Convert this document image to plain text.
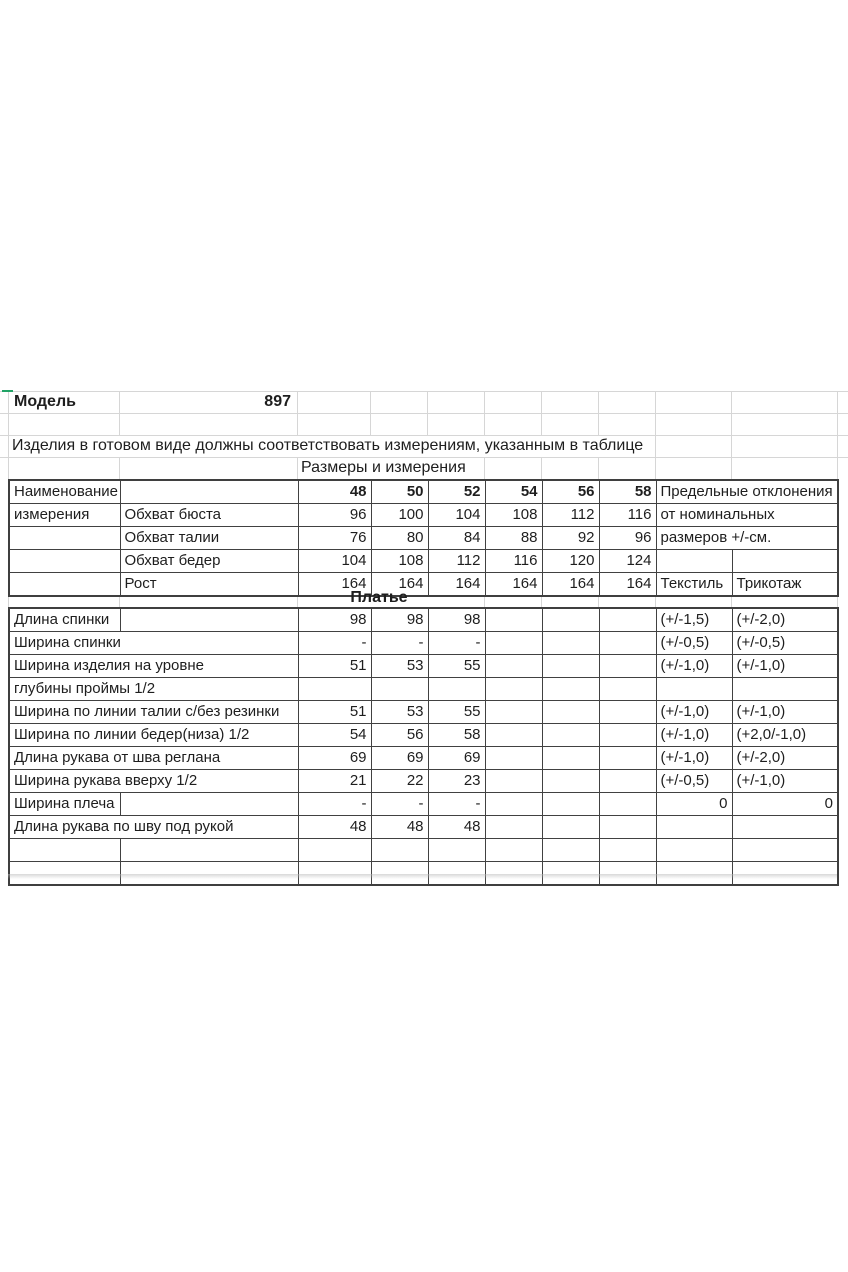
Модель	897
Изделия в готовом виде должны соответствовать измерениям, указанным в таблице
Размеры и измерения
Наименование		48	50	52	54	56	58	Предельные отклонения	
измерения	Обхват бюста	96	100	104	108	112	116	от номинальных	
	Обхват талии	76	80	84	88	92	96	размеров +/-см.	
	Обхват бедер	104	108	112	116	120	124		
	Рост	164	164	164	164	164	164	Текстиль	Трикотаж
Платье
Длина спинки		98	98	98				(+/-1,5)	(+/-2,0)
Ширина спинки		-	-	-				(+/-0,5)	(+/-0,5)
Ширина изделия на уровне		51	53	55				(+/-1,0)	(+/-1,0)
глубины проймы 1/2									
Ширина по линии талии с/без резинки		51	53	55				(+/-1,0)	(+/-1,0)
Ширина по линии бедер(низа) 1/2		54	56	58				(+/-1,0)	(+2,0/-1,0)
Длина рукава от шва реглана		69	69	69				(+/-1,0)	(+/-2,0)
Ширина рукава вверху 1/2		21	22	23				(+/-0,5)	(+/-1,0)
Ширина плеча		-	-	-				0	0
Длина рукава по шву под рукой		48	48	48					
